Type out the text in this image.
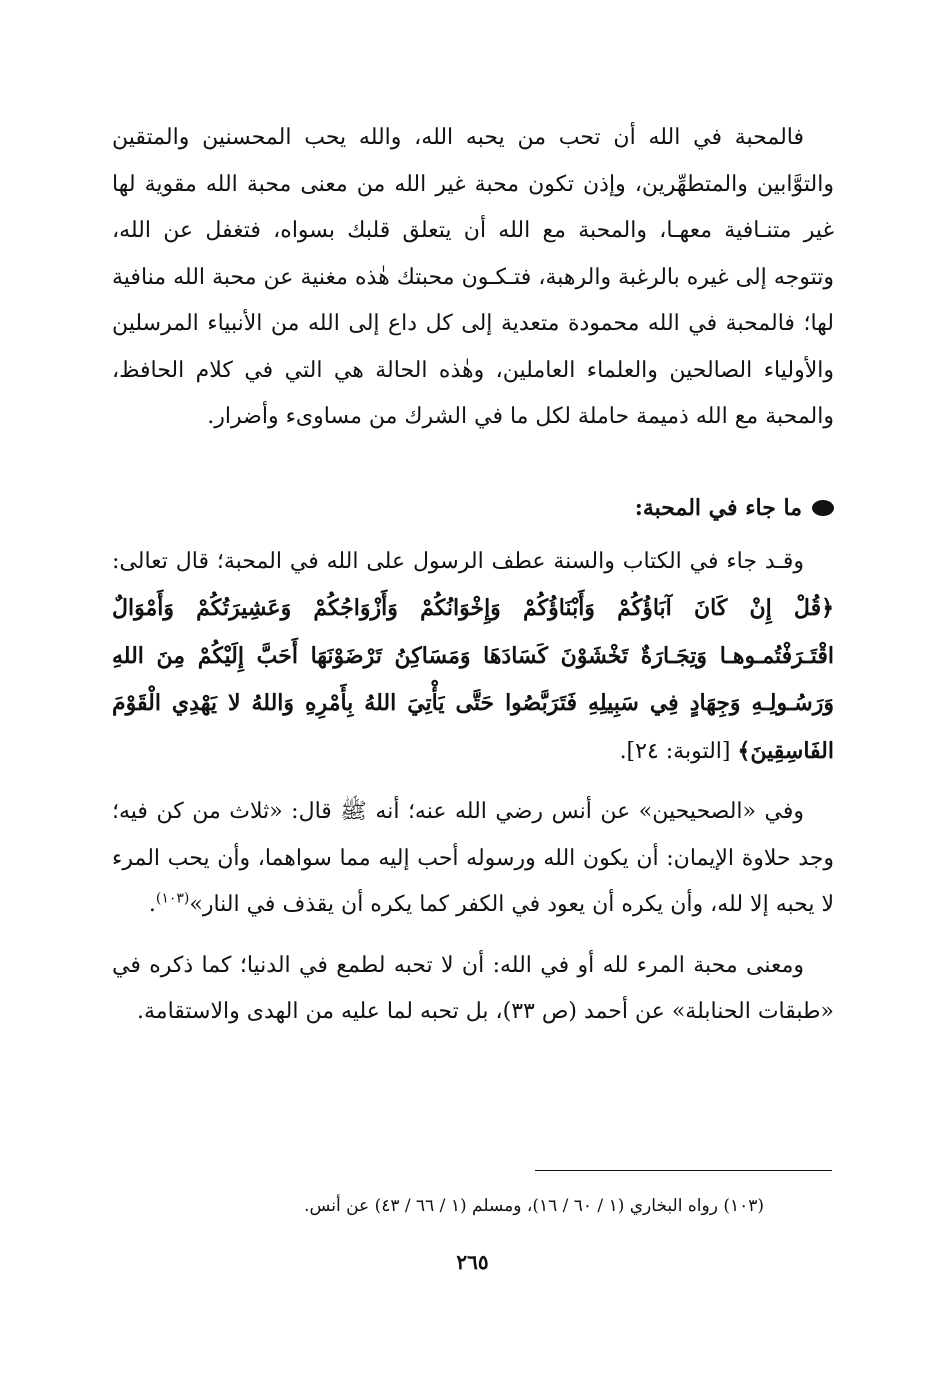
فالمحبة في الله أن تحب من يحبه الله، والله يحب المحسنين والمتقين والتوَّابين والمتطهِّرين، وإذن تكون محبة غير الله من معنى محبة الله مقوية لها غير متنـافية معهـا، والمحبة مع الله أن يتعلق قلبك بسواه، فتغفل عن الله، وتتوجه إلى غيره بالرغبة والرهبة، فتـكـون محبتك هٰذه مغنية عن محبة الله منافية لها؛ فالمحبة في الله محمودة متعدية إلى كل داع إلى الله من الأنبياء المرسلين والأولياء الصالحين والعلماء العاملين، وهٰذه الحالة هي التي في كلام الحافظ، والمحبة مع الله ذميمة حاملة لكل ما في الشرك من مساوىء وأضرار.

ما جاء في المحبة:

وقـد جاء في الكتاب والسنة عطف الرسول على الله في المحبة؛ قال تعالى: ﴿قُلْ إِنْ كَانَ آبَاؤُكُمْ وَأَبْنَاؤُكُمْ وَإِخْوَانُكُمْ وَأَزْوَاجُكُمْ وَعَشِيرَتُكُمْ وَأَمْوَالٌ اقْتَـرَفْتُمـوهـا وَتِجَـارَةٌ تَخْشَوْنَ كَسَادَهَا وَمَسَاكِنُ تَرْضَوْنَهَا أَحَبَّ إِلَيْكُمْ مِنَ اللهِ وَرَسُـولِـهِ وَجِهَادٍ فِي سَبِيلِهِ فَتَرَبَّصُوا حَتَّى يَأْتِيَ اللهُ بِأَمْرِهِ وَاللهُ لا يَهْدِي الْقَوْمَ الفَاسِقِينَ﴾ [التوبة: ٢٤].

وفي «الصحيحين» عن أنس رضي الله عنه؛ أنه ﷺ قال: «ثلاث من كن فيه؛ وجد حلاوة الإيمان: أن يكون الله ورسوله أحب إليه مما سواهما، وأن يحب المرء لا يحبه إلا لله، وأن يكره أن يعود في الكفر كما يكره أن يقذف في النار»$^{(١٠٣)}$.

ومعنى محبة المرء لله أو في الله: أن لا تحبه لطمع في الدنيا؛ كما ذكره في «طبقات الحنابلة» عن أحمد (ص ٣٣)، بل تحبه لما عليه من الهدى والاستقامة.

(١٠٣) رواه البخاري (١ / ٦٠ / ١٦)، ومسلم (١ / ٦٦ / ٤٣) عن أنس.
٢٦٥
